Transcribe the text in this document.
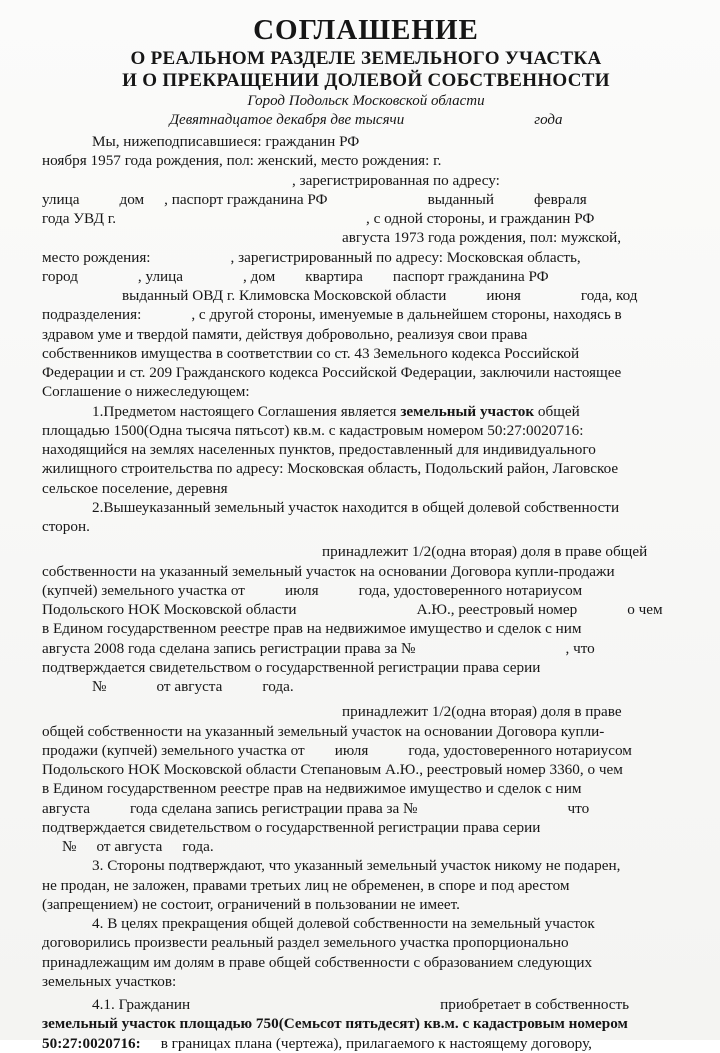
СОГЛАШЕНИЕ
О РЕАЛЬНОМ РАЗДЕЛЕ ЗЕМЕЛЬНОГО УЧАСТКА
И О ПРЕКРАЩЕНИИ ДОЛЕВОЙ СОБСТВЕННОСТИ
Город Подольск Московской области
Девятнадцатое декабря две тысячи	года

Мы, нижеподписавшиеся: гражданин РФ

ноября 1957 года рождения, пол: женский, место рождения: г.

, зарегистрированная по адресу:

улица	дом , паспорт гражданина РФ	выданный	февраля

года УВД г.	, с одной стороны, и гражданин РФ

августа 1973 года рождения, пол: мужской,

место рождения:	, зарегистрированный по адресу: Московская область,

город	, улица	, дом квартира паспорт гражданина РФ

выданный ОВД г. Климовска Московской области	июня	года, код

подразделения:	, с другой стороны, именуемые в дальнейшем стороны, находясь в

здравом уме и твердой памяти, действуя добровольно, реализуя свои права

собственников имущества в соответствии со ст. 43 Земельного кодекса Российской

Федерации и ст. 209 Гражданского кодекса Российской Федерации, заключили настоящее

Соглашение о нижеследующем:

1.Предметом настоящего Соглашения является земельный участок общей

площадью 1500(Одна тысяча пятьсот) кв.м. с кадастровым номером 50:27:0020716:

находящийся на землях населенных пунктов, предоставленный для индивидуального

жилищного строительства по адресу: Московская область, Подольский район, Лаговское

сельское поселение, деревня

2.Вышеуказанный земельный участок находится в общей долевой собственности

сторон.

принадлежит 1/2(одна вторая) доля в праве общей

собственности на указанный земельный участок на основании Договора купли-продажи

(купчей) земельного участка от	июля	года, удостоверенного нотариусом

Подольского НОК Московской области	А.Ю., реестровый номер	о чем

в Едином государственном реестре прав на недвижимое имущество и сделок с ним

августа 2008 года сделана запись регистрации права за №	, что

подтверждается свидетельством о государственной регистрации права серии

№	от августа	года.

принадлежит 1/2(одна вторая) доля в праве

общей собственности на указанный земельный участок на основании Договора купли-

продажи (купчей) земельного участка от июля	года, удостоверенного нотариусом

Подольского НОК Московской области Степановым А.Ю., реестровый номер 3360, о чем

в Едином государственном реестре прав на недвижимое имущество и сделок с ним

августа	года сделана запись регистрации права за №	что

подтверждается свидетельством о государственной регистрации права серии

№ от августа года.

3. Стороны подтверждают, что указанный земельный участок никому не подарен,

не продан, не заложен, правами третьих лиц не обременен, в споре и под арестом

(запрещением) не состоит, ограничений в пользовании не имеет.

4. В целях прекращения общей долевой собственности на земельный участок

договорились произвести реальный раздел земельного участка пропорционально

принадлежащим им долям в праве общей собственности с образованием следующих

земельных участков:

4.1. Гражданин	приобретает в собственность

земельный участок площадью 750(Семьсот пятьдесят) кв.м. с кадастровым номером

50:27:0020716: в границах плана (чертежа), прилагаемого к настоящему договору,
